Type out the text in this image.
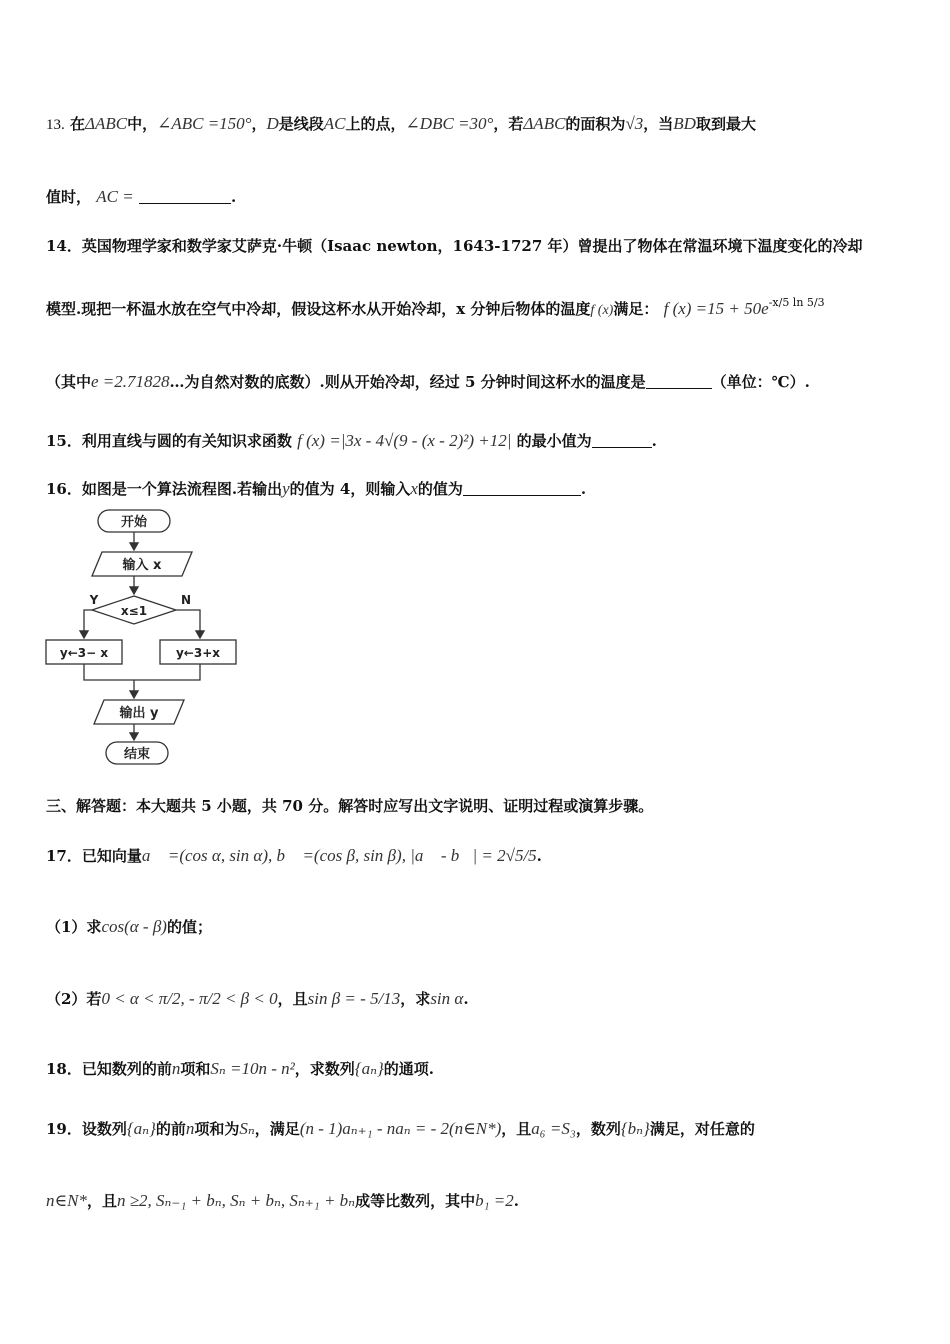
13. 在ΔABC中，∠ABC =150°，D是线段AC上的点，∠DBC =30°，若ΔABC的面积为√3，当BD取到最大
值时， AC =	.
14．英国物理学家和数学家艾萨克·牛顿（Isaac newton，1643-1727 年）曾提出了物体在常温环境下温度变化的冷却
模型.现把一杯温水放在空气中冷却，假设这杯水从开始冷却，x 分钟后物体的温度f (x)满足： f $(x) =15 + 50e^{-x/5 ln 5/3}$
（其中e =2.71828…为自然对数的底数）.则从开始冷却，经过 5 分钟时间这杯水的温度是	（单位：℃）.
15．利用直线与圆的有关知识求函数 f (x) =|3x - 4√(9 - (x - 2)²) +12| 的最小值为	.
16．如图是一个算法流程图.若输出y的值为 4，则输入x的值为	.
开始
输入 x
x≤1
Y	N
y←3− x	y←3+x
输出 y
结束
三、解答题：本大题共 5 小题，共 70 分。解答时应写出文字说明、证明过程或演算步骤。
17．已知向量a⃗ =(cos α, sin α), b⃗ =(cos β, sin β), |a⃗ - b⃗| = 2√5/5.
（1）求cos(α - β)的值；
（2）若0 < α < π/2, - π/2 < β < 0，且sin β = - 5/13，求sin α.
18．已知数列的前n项和Sₙ =10n - n²，求数列{aₙ}的通项.
19．设数列{aₙ}的前n项和为Sₙ，满足(n - 1)aₙ₊₁ - naₙ = - 2(n∈N*)，且a₆ =S₃，数列{bₙ}满足，对任意的
n∈N*，且n ≥2, Sₙ₋₁ + bₙ, Sₙ + bₙ, Sₙ₊₁ + bₙ成等比数列，其中b₁ =2.
